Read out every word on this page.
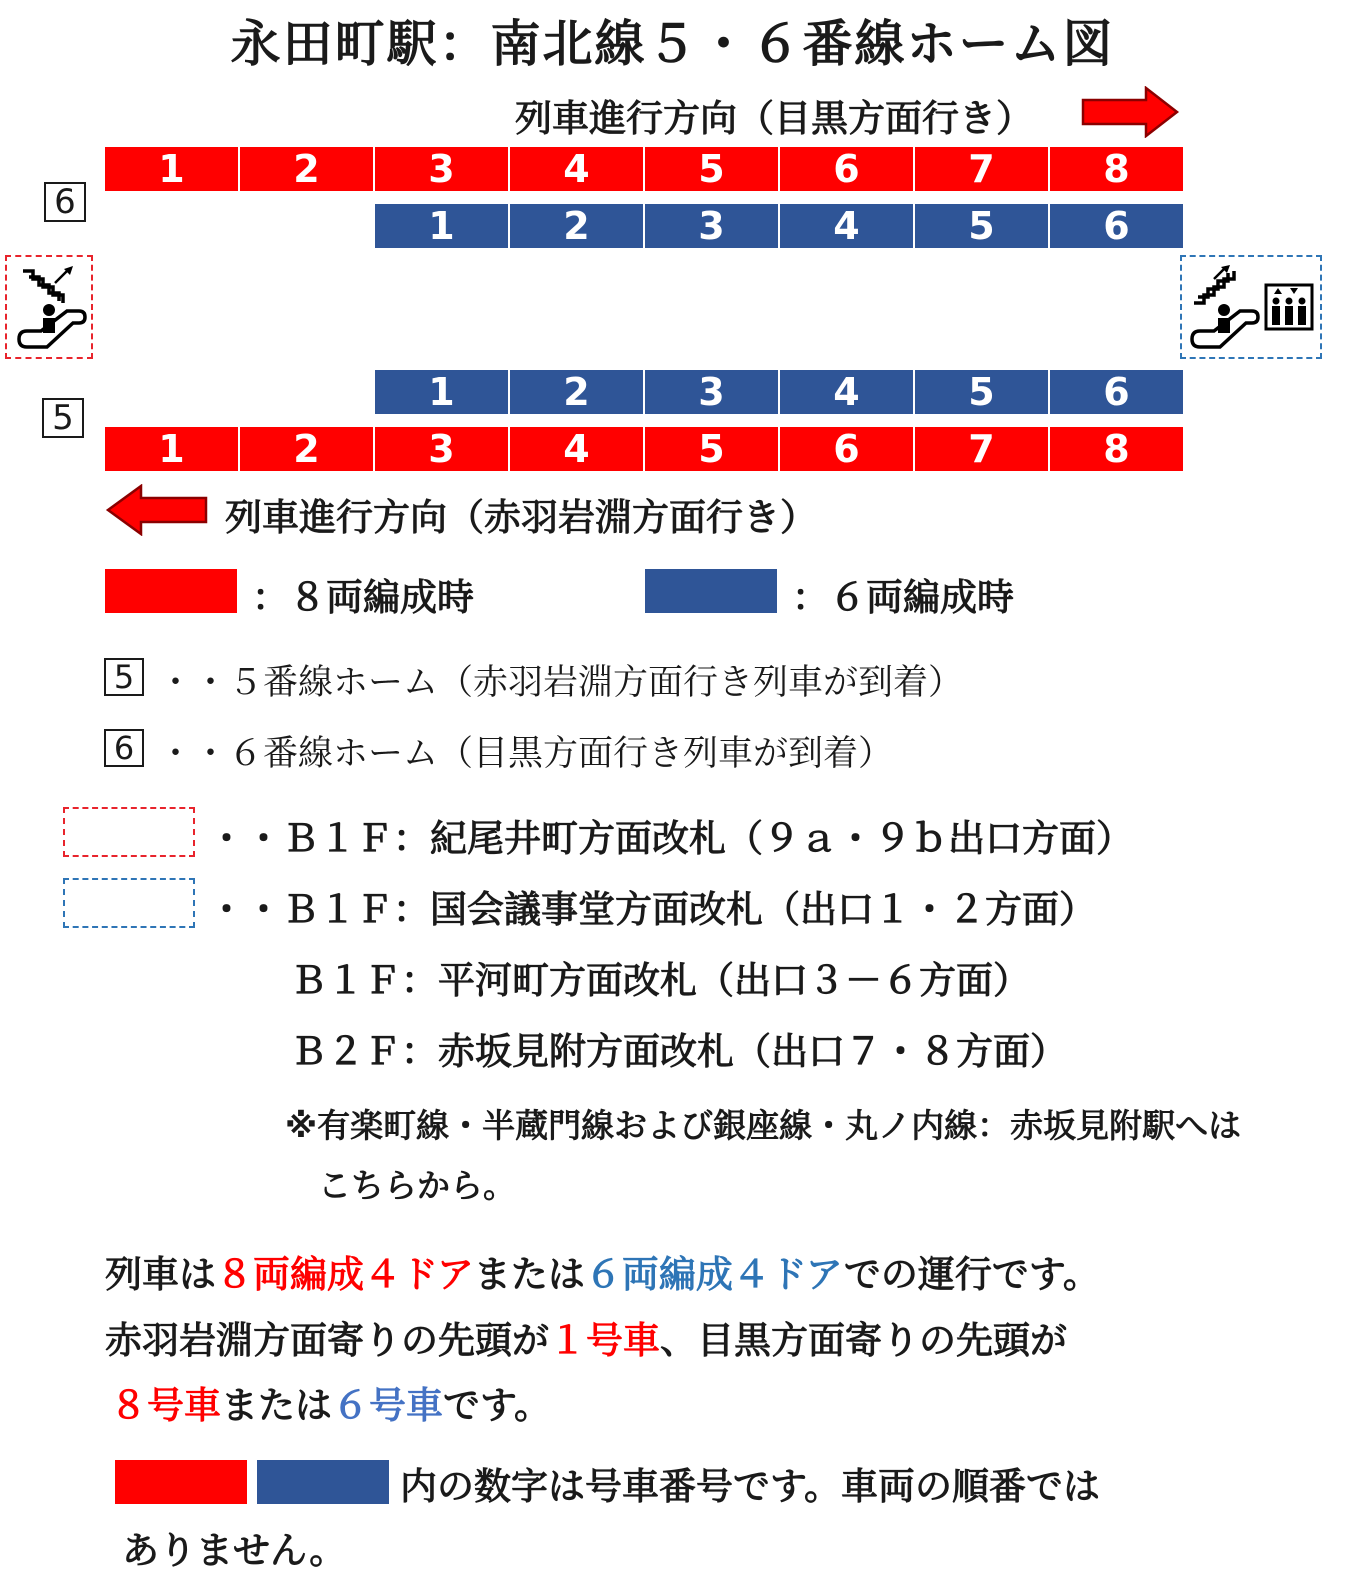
永田町駅：南北線５・６番線ホーム図
列車進行方向（目黒方面行き）
6
1	2	3	4	5	6	7	8
1	2	3	4	5	6
1	2	3	4	5	6
5
1	2	3	4	5	6	7	8
列車進行方向（赤羽岩淵方面行き）
：８両編成時	：６両編成時
5 ・・５番線ホーム（赤羽岩淵方面行き列車が到着）
6 ・・６番線ホーム（目黒方面行き列車が到着）
・・Ｂ１Ｆ：紀尾井町方面改札（９ａ・９ｂ出口方面）
・・Ｂ１Ｆ：国会議事堂方面改札（出口１・２方面）
Ｂ１Ｆ：平河町方面改札（出口３－６方面）
Ｂ２Ｆ：赤坂見附方面改札（出口７・８方面）
※有楽町線・半蔵門線および銀座線・丸ノ内線：赤坂見附駅へは
こちらから。
列車は８両編成４ドアまたは６両編成４ドアでの運行です。
赤羽岩淵方面寄りの先頭が１号車、目黒方面寄りの先頭が
８号車または６号車です。
内の数字は号車番号です。車両の順番では
ありません。
